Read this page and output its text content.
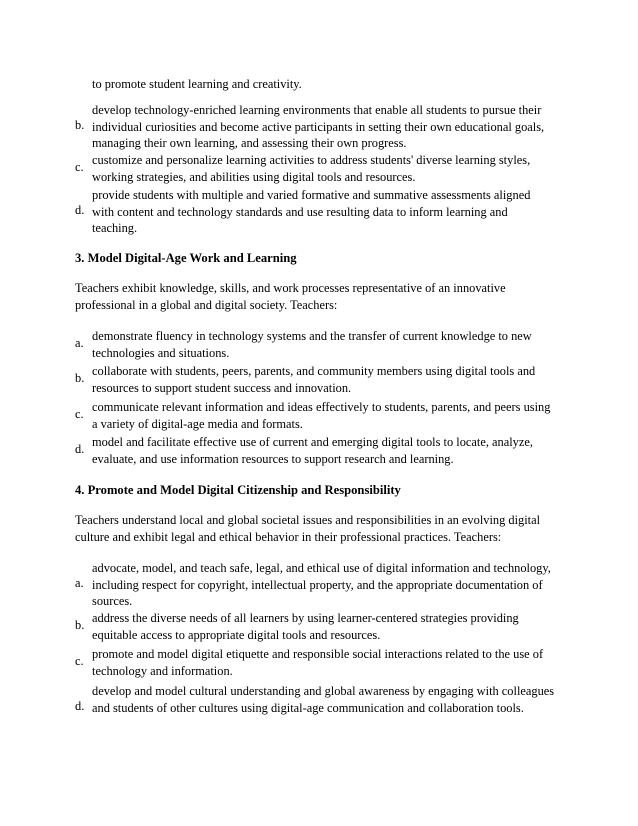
to promote student learning and creativity.
b.
develop technology-enriched learning environments that enable all students to pursue their individual curiosities and become active participants in setting their own educational goals, managing their own learning, and assessing their own progress.
c. customize and personalize learning activities to address students' diverse learning styles, working strategies, and abilities using digital tools and resources.
d.
provide students with multiple and varied formative and summative assessments aligned with content and technology standards and use resulting data to inform learning and teaching.
3. Model Digital-Age Work and Learning
Teachers exhibit knowledge, skills, and work processes representative of an innovative professional in a global and digital society. Teachers:
a. demonstrate fluency in technology systems and the transfer of current knowledge to new technologies and situations.
b. collaborate with students, peers, parents, and community members using digital tools and resources to support student success and innovation.
c. communicate relevant information and ideas effectively to students, parents, and peers using a variety of digital-age media and formats.
d. model and facilitate effective use of current and emerging digital tools to locate, analyze, evaluate, and use information resources to support research and learning.
4. Promote and Model Digital Citizenship and Responsibility
Teachers understand local and global societal issues and responsibilities in an evolving digital culture and exhibit legal and ethical behavior in their professional practices. Teachers:
a.
advocate, model, and teach safe, legal, and ethical use of digital information and technology, including respect for copyright, intellectual property, and the appropriate documentation of sources.
b. address the diverse needs of all learners by using learner-centered strategies providing equitable access to appropriate digital tools and resources.
c. promote and model digital etiquette and responsible social interactions related to the use of technology and information.
d.
develop and model cultural understanding and global awareness by engaging with colleagues and students of other cultures using digital-age communication and collaboration tools.
